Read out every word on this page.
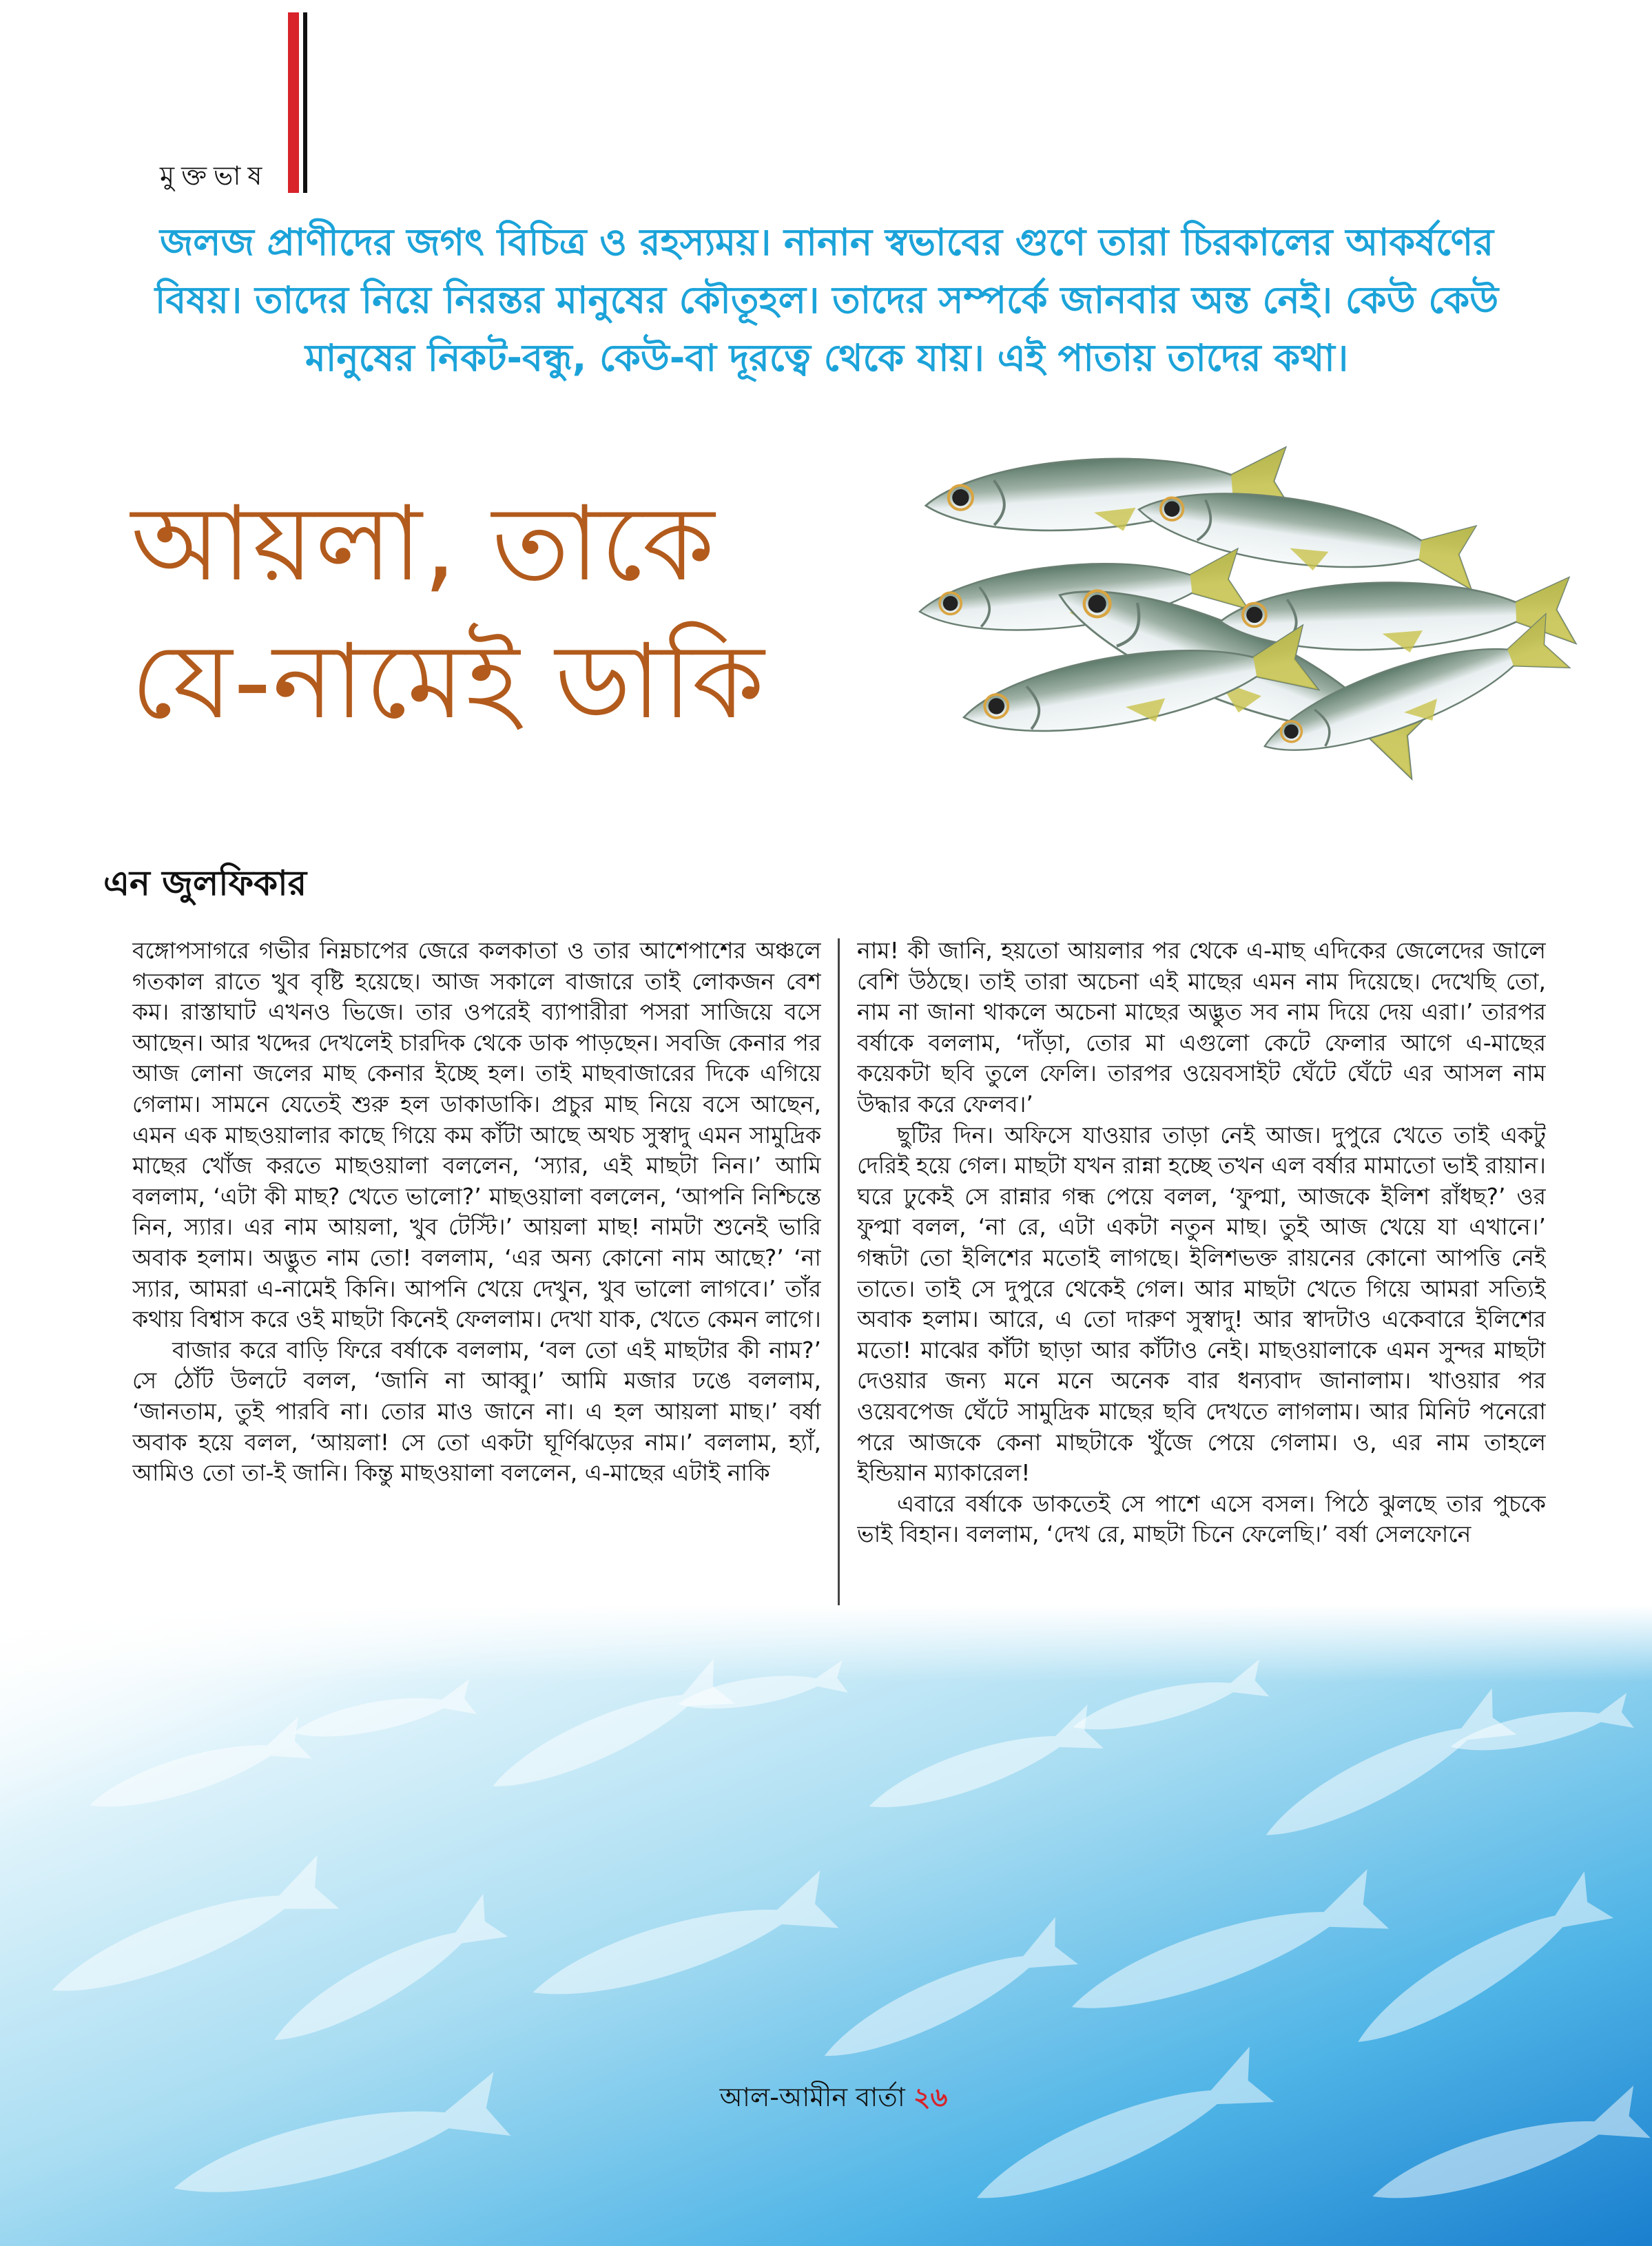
মুক্তভাষ
জলজ প্রাণীদের জগৎ বিচিত্র ও রহস্যময়। নানান স্বভাবের গুণে তারা চিরকালের আকর্ষণের
বিষয়। তাদের নিয়ে নিরন্তর মানুষের কৌতূহল। তাদের সম্পর্কে জানবার অন্ত নেই। কেউ কেউ
মানুষের নিকট-বন্ধু, কেউ-বা দূরত্বে থেকে যায়। এই পাতায় তাদের কথা।
আয়লা, তাকে
যে-নামেই ডাকি
এন জুলফিকার

বঙ্গোপসাগরে গভীর নিম্নচাপের জেরে কলকাতা ও তার আশেপাশের অঞ্চলে গতকাল রাতে খুব বৃষ্টি হয়েছে। আজ সকালে বাজারে তাই লোকজন বেশ কম। রাস্তাঘাট এখনও ভিজে। তার ওপরেই ব্যাপারীরা পসরা সাজিয়ে বসে আছেন। আর খদ্দের দেখলেই চারদিক থেকে ডাক পাড়ছেন। সবজি কেনার পর আজ লোনা জলের মাছ কেনার ইচ্ছে হল। তাই মাছবাজারের দিকে এগিয়ে গেলাম। সামনে যেতেই শুরু হল ডাকাডাকি। প্রচুর মাছ নিয়ে বসে আছেন, এমন এক মাছওয়ালার কাছে গিয়ে কম কাঁটা আছে অথচ সুস্বাদু এমন সামুদ্রিক মাছের খোঁজ করতে মাছওয়ালা বললেন, ‘স্যার, এই মাছটা নিন।’ আমি বললাম, ‘এটা কী মাছ? খেতে ভালো?’ মাছওয়ালা বললেন, ‘আপনি নিশ্চিন্তে নিন, স্যার। এর নাম আয়লা, খুব টেস্টি।’ আয়লা মাছ! নামটা শুনেই ভারি অবাক হলাম। অদ্ভুত নাম তো! বললাম, ‘এর অন্য কোনো নাম আছে?’ ‘না স্যার, আমরা এ-নামেই কিনি। আপনি খেয়ে দেখুন, খুব ভালো লাগবে।’ তাঁর কথায় বিশ্বাস করে ওই মাছটা কিনেই ফেললাম। দেখা যাক, খেতে কেমন লাগে।

বাজার করে বাড়ি ফিরে বর্ষাকে বললাম, ‘বল তো এই মাছটার কী নাম?’ সে ঠোঁট উলটে বলল, ‘জানি না আব্বু।’ আমি মজার ঢঙে বললাম, ‘জানতাম, তুই পারবি না। তোর মাও জানে না। এ হল আয়লা মাছ।’ বর্ষা অবাক হয়ে বলল, ‘আয়লা! সে তো একটা ঘূর্ণিঝড়ের নাম।’ বললাম, হ্যাঁ, আমিও তো তা-ই জানি। কিন্তু মাছওয়ালা বললেন, এ-মাছের এটাই নাকি

নাম! কী জানি, হয়তো আয়লার পর থেকে এ-মাছ এদিকের জেলেদের জালে বেশি উঠছে। তাই তারা অচেনা এই মাছের এমন নাম দিয়েছে। দেখেছি তো, নাম না জানা থাকলে অচেনা মাছের অদ্ভুত সব নাম দিয়ে দেয় এরা।’ তারপর বর্ষাকে বললাম, ‘দাঁড়া, তোর মা এগুলো কেটে ফেলার আগে এ-মাছের কয়েকটা ছবি তুলে ফেলি। তারপর ওয়েবসাইট ঘেঁটে ঘেঁটে এর আসল নাম উদ্ধার করে ফেলব।’

ছুটির দিন। অফিসে যাওয়ার তাড়া নেই আজ। দুপুরে খেতে তাই একটু দেরিই হয়ে গেল। মাছটা যখন রান্না হচ্ছে তখন এল বর্ষার মামাতো ভাই রায়ান। ঘরে ঢুকেই সে রান্নার গন্ধ পেয়ে বলল, ‘ফুপ্মা, আজকে ইলিশ রাঁধছ?’ ওর ফুপ্মা বলল, ‘না রে, এটা একটা নতুন মাছ। তুই আজ খেয়ে যা এখানে।’ গন্ধটা তো ইলিশের মতোই লাগছে। ইলিশভক্ত রায়নের কোনো আপত্তি নেই তাতে। তাই সে দুপুরে থেকেই গেল। আর মাছটা খেতে গিয়ে আমরা সত্যিই অবাক হলাম। আরে, এ তো দারুণ সুস্বাদু! আর স্বাদটাও একেবারে ইলিশের মতো! মাঝের কাঁটা ছাড়া আর কাঁটাও নেই। মাছওয়ালাকে এমন সুন্দর মাছটা দেওয়ার জন্য মনে মনে অনেক বার ধন্যবাদ জানালাম। খাওয়ার পর ওয়েবপেজ ঘেঁটে সামুদ্রিক মাছের ছবি দেখতে লাগলাম। আর মিনিট পনেরো পরে আজকে কেনা মাছটাকে খুঁজে পেয়ে গেলাম। ও, এর নাম তাহলে ইন্ডিয়ান ম্যাকারেল!

এবারে বর্ষাকে ডাকতেই সে পাশে এসে বসল। পিঠে ঝুলছে তার পুচকে ভাই বিহান। বললাম, ‘দেখ রে, মাছটা চিনে ফেলেছি।’ বর্ষা সেলফোনে

আল-আমীন বার্তা ২৬
